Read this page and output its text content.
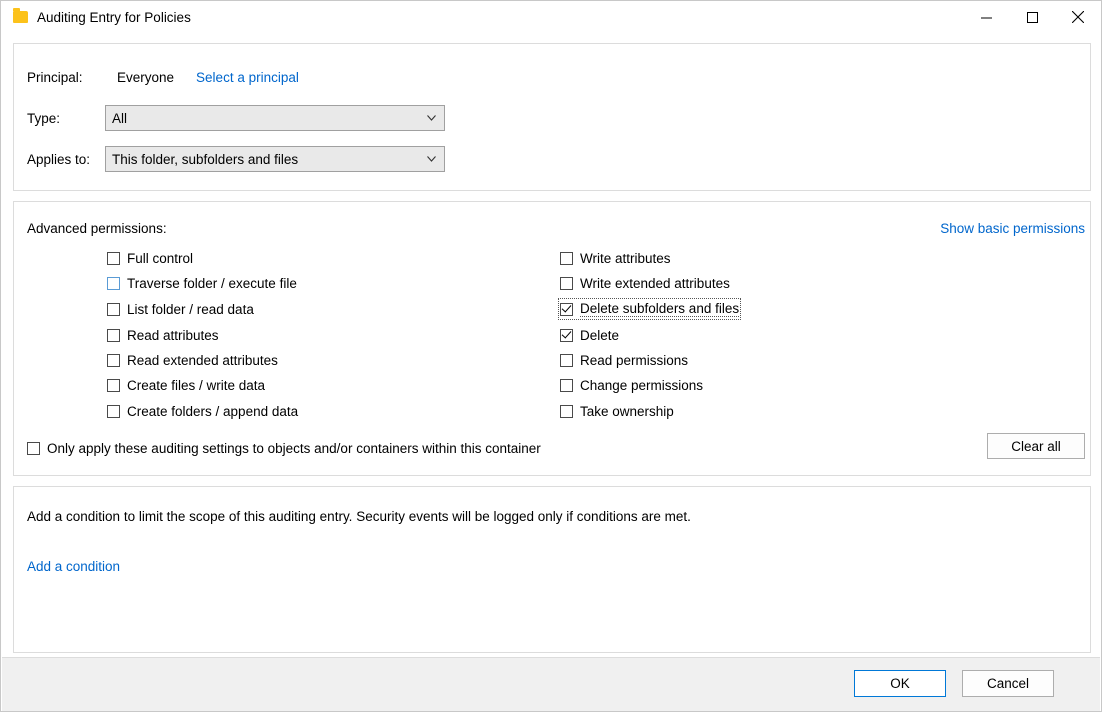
Auditing Entry for Policies
Principal:	Everyone Select a principal
Type:	All
Applies to:	This folder, subfolders and files
Advanced permissions:	Show basic permissions
Full control
Traverse folder / execute file
List folder / read data
Read attributes
Read extended attributes
Create files / write data
Create folders / append data
Write attributes
Write extended attributes
Delete subfolders and files
Delete
Read permissions
Change permissions
Take ownership
Only apply these auditing settings to objects and/or containers within this container	Clear all
Add a condition to limit the scope of this auditing entry. Security events will be logged only if conditions are met.
Add a condition
OK	Cancel
